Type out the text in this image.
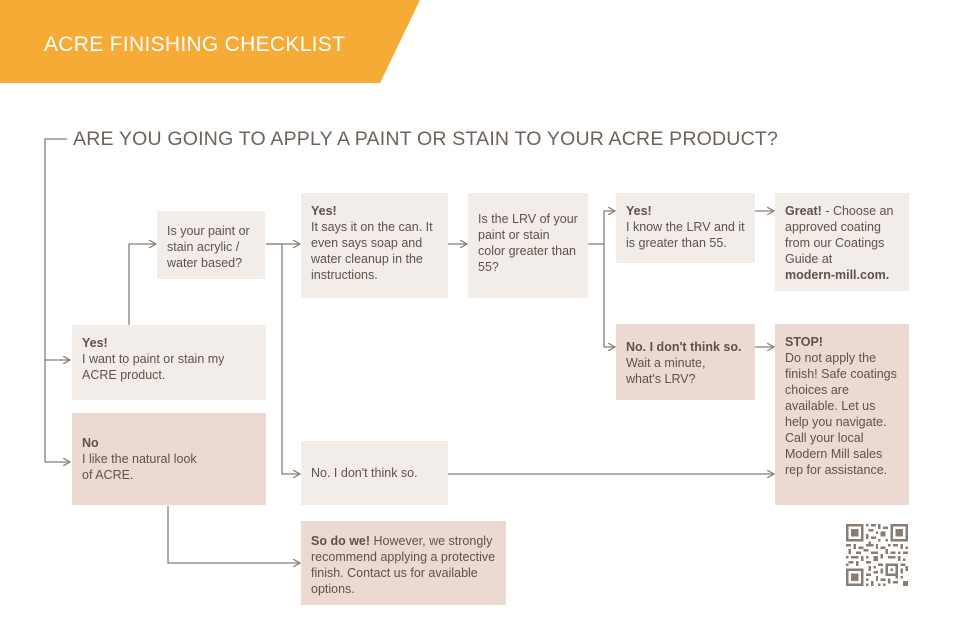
ACRE FINISHING CHECKLIST
ARE YOU GOING TO APPLY A PAINT OR STAIN TO YOUR ACRE PRODUCT?
Yes!
I want to paint or stain my ACRE product.
No
I like the natural look of ACRE.
Is your paint or stain acrylic / water based?
Yes!
It says it on the can. It even says soap and water cleanup in the instructions.
No. I don't think so.
Is the LRV of your paint or stain color greater than 55?
Yes!
I know the LRV and it is greater than 55.
No. I don't think so.
Wait a minute, what's LRV?
Great! - Choose an approved coating from our Coatings Guide at
modern-mill.com.
STOP!
Do not apply the finish! Safe coatings choices are available. Let us help you navigate. Call your local Modern Mill sales rep for assistance.
So do we! However, we strongly recommend applying a protective finish. Contact us for available options.
